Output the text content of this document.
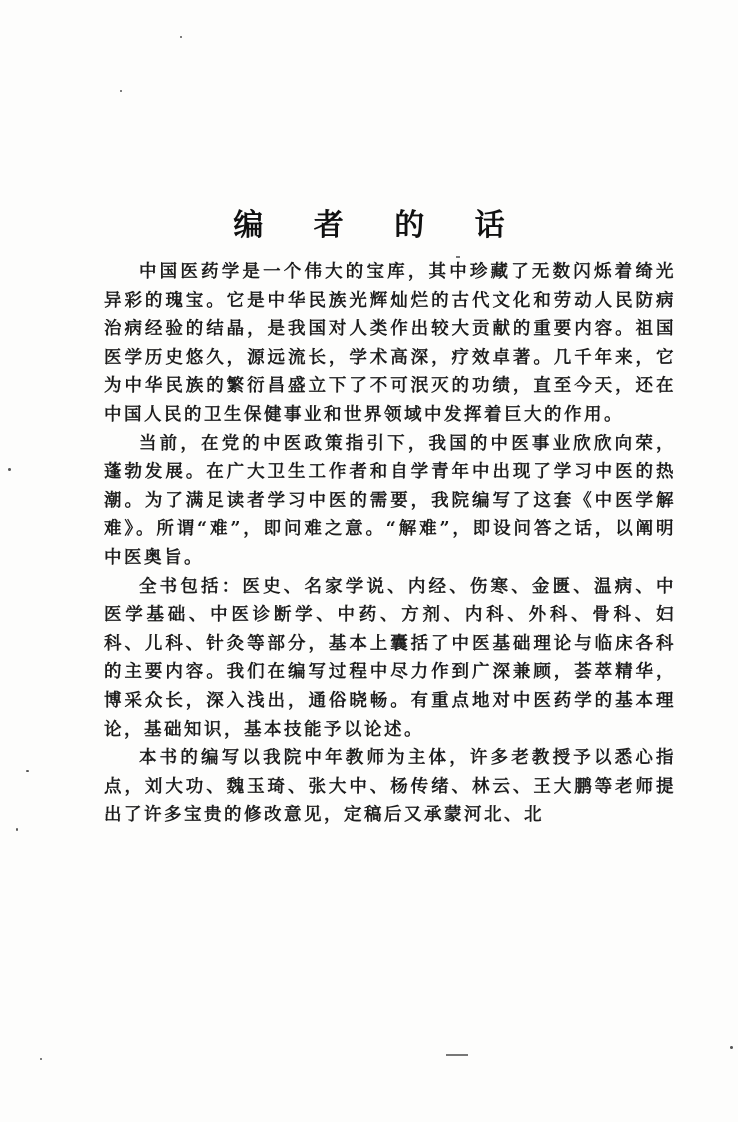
编 者 的 话

中国医药学是一个伟大的宝库，其中珍藏了无数闪烁着绮光异彩的瑰宝。它是中华民族光辉灿烂的古代文化和劳动人民防病治病经验的结晶，是我国对人类作出较大贡献的重要内容。祖国医学历史悠久，源远流长，学术高深，疗效卓著。几千年来，它为中华民族的繁衍昌盛立下了不可泯灭的功绩，直至今天，还在中国人民的卫生保健事业和世界领域中发挥着巨大的作用。

当前，在党的中医政策指引下，我国的中医事业欣欣向荣，蓬勃发展。在广大卫生工作者和自学青年中出现了学习中医的热潮。为了满足读者学习中医的需要，我院编写了这套《中医学解难》。所谓“难”，即问难之意。“解难”，即设问答之话，以阐明中医奥旨。

全书包括：医史、名家学说、内经、伤寒、金匮、温病、中医学基础、中医诊断学、中药、方剂、内科、外科、骨科、妇科、儿科、针灸等部分，基本上囊括了中医基础理论与临床各科的主要内容。我们在编写过程中尽力作到广深兼顾，荟萃精华，博采众长，深入浅出，通俗晓畅。有重点地对中医药学的基本理论，基础知识，基本技能予以论述。

本书的编写以我院中年教师为主体，许多老教授予以悉心指点，刘大功、魏玉琦、张大中、杨传绪、林云、王大鹏等老师提出了许多宝贵的修改意见，定稿后又承蒙河北、北
